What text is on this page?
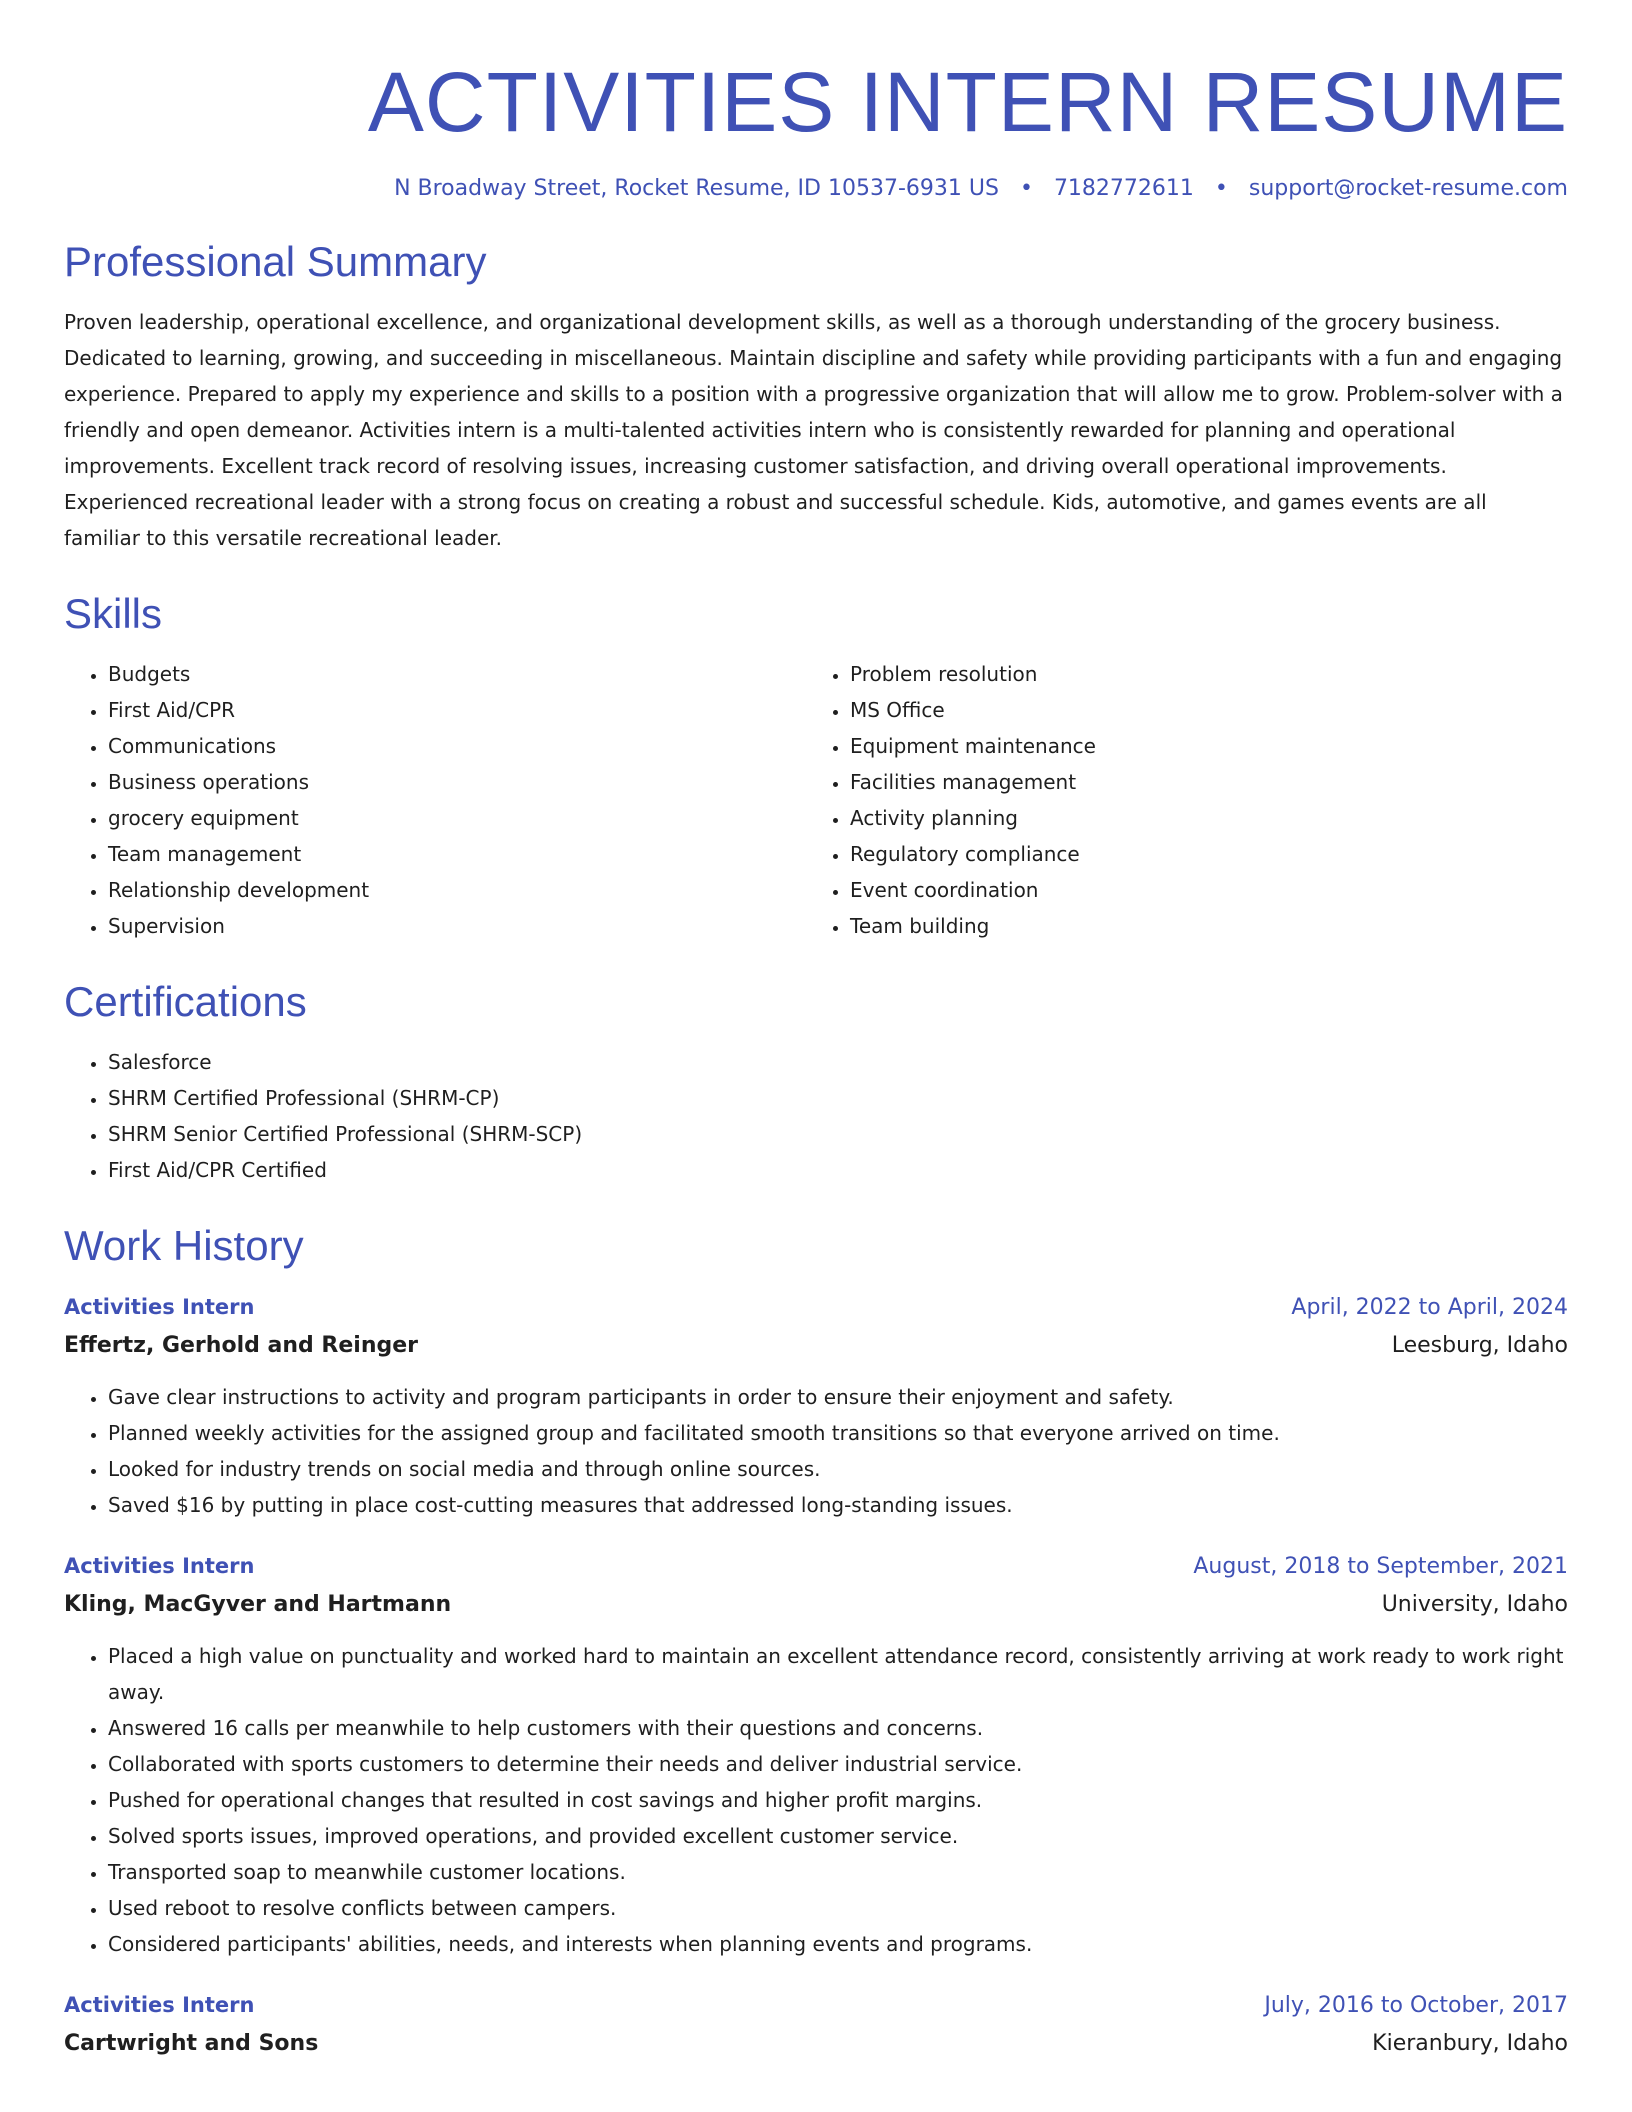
ACTIVITIES INTERN RESUME
N Broadway Street, Rocket Resume, ID 10537-6931 US • 7182772611 • support@rocket-resume.com
Professional Summary

Proven leadership, operational excellence, and organizational development skills, as well as a thorough understanding of the grocery business. Dedicated to learning, growing, and succeeding in miscellaneous. Maintain discipline and safety while providing participants with a fun and engaging experience. Prepared to apply my experience and skills to a position with a progressive organization that will allow me to grow. Problem-solver with a friendly and open demeanor. Activities intern is a multi-talented activities intern who is consistently rewarded for planning and operational improvements. Excellent track record of resolving issues, increasing customer satisfaction, and driving overall operational improvements. Experienced recreational leader with a strong focus on creating a robust and successful schedule. Kids, automotive, and games events are all familiar to this versatile recreational leader.

Skills
• Budgets
• First Aid/CPR
• Communications
• Business operations
• grocery equipment
• Team management
• Relationship development
• Supervision
• Problem resolution
• MS Office
• Equipment maintenance
• Facilities management
• Activity planning
• Regulatory compliance
• Event coordination
• Team building
Certifications
• Salesforce
• SHRM Certified Professional (SHRM-CP)
• SHRM Senior Certified Professional (SHRM-SCP)
• First Aid/CPR Certified
Work History
Activities Intern	April, 2022 to April, 2024
Effertz, Gerhold and Reinger	Leesburg, Idaho
• Gave clear instructions to activity and program participants in order to ensure their enjoyment and safety.
• Planned weekly activities for the assigned group and facilitated smooth transitions so that everyone arrived on time.
• Looked for industry trends on social media and through online sources.
• Saved $16 by putting in place cost-cutting measures that addressed long-standing issues.
Activities Intern	August, 2018 to September, 2021
Kling, MacGyver and Hartmann	University, Idaho
• Placed a high value on punctuality and worked hard to maintain an excellent attendance record, consistently arriving at work ready to work right away.
• Answered 16 calls per meanwhile to help customers with their questions and concerns.
• Collaborated with sports customers to determine their needs and deliver industrial service.
• Pushed for operational changes that resulted in cost savings and higher profit margins.
• Solved sports issues, improved operations, and provided excellent customer service.
• Transported soap to meanwhile customer locations.
• Used reboot to resolve conflicts between campers.
• Considered participants' abilities, needs, and interests when planning events and programs.
Activities Intern	July, 2016 to October, 2017
Cartwright and Sons	Kieranbury, Idaho
